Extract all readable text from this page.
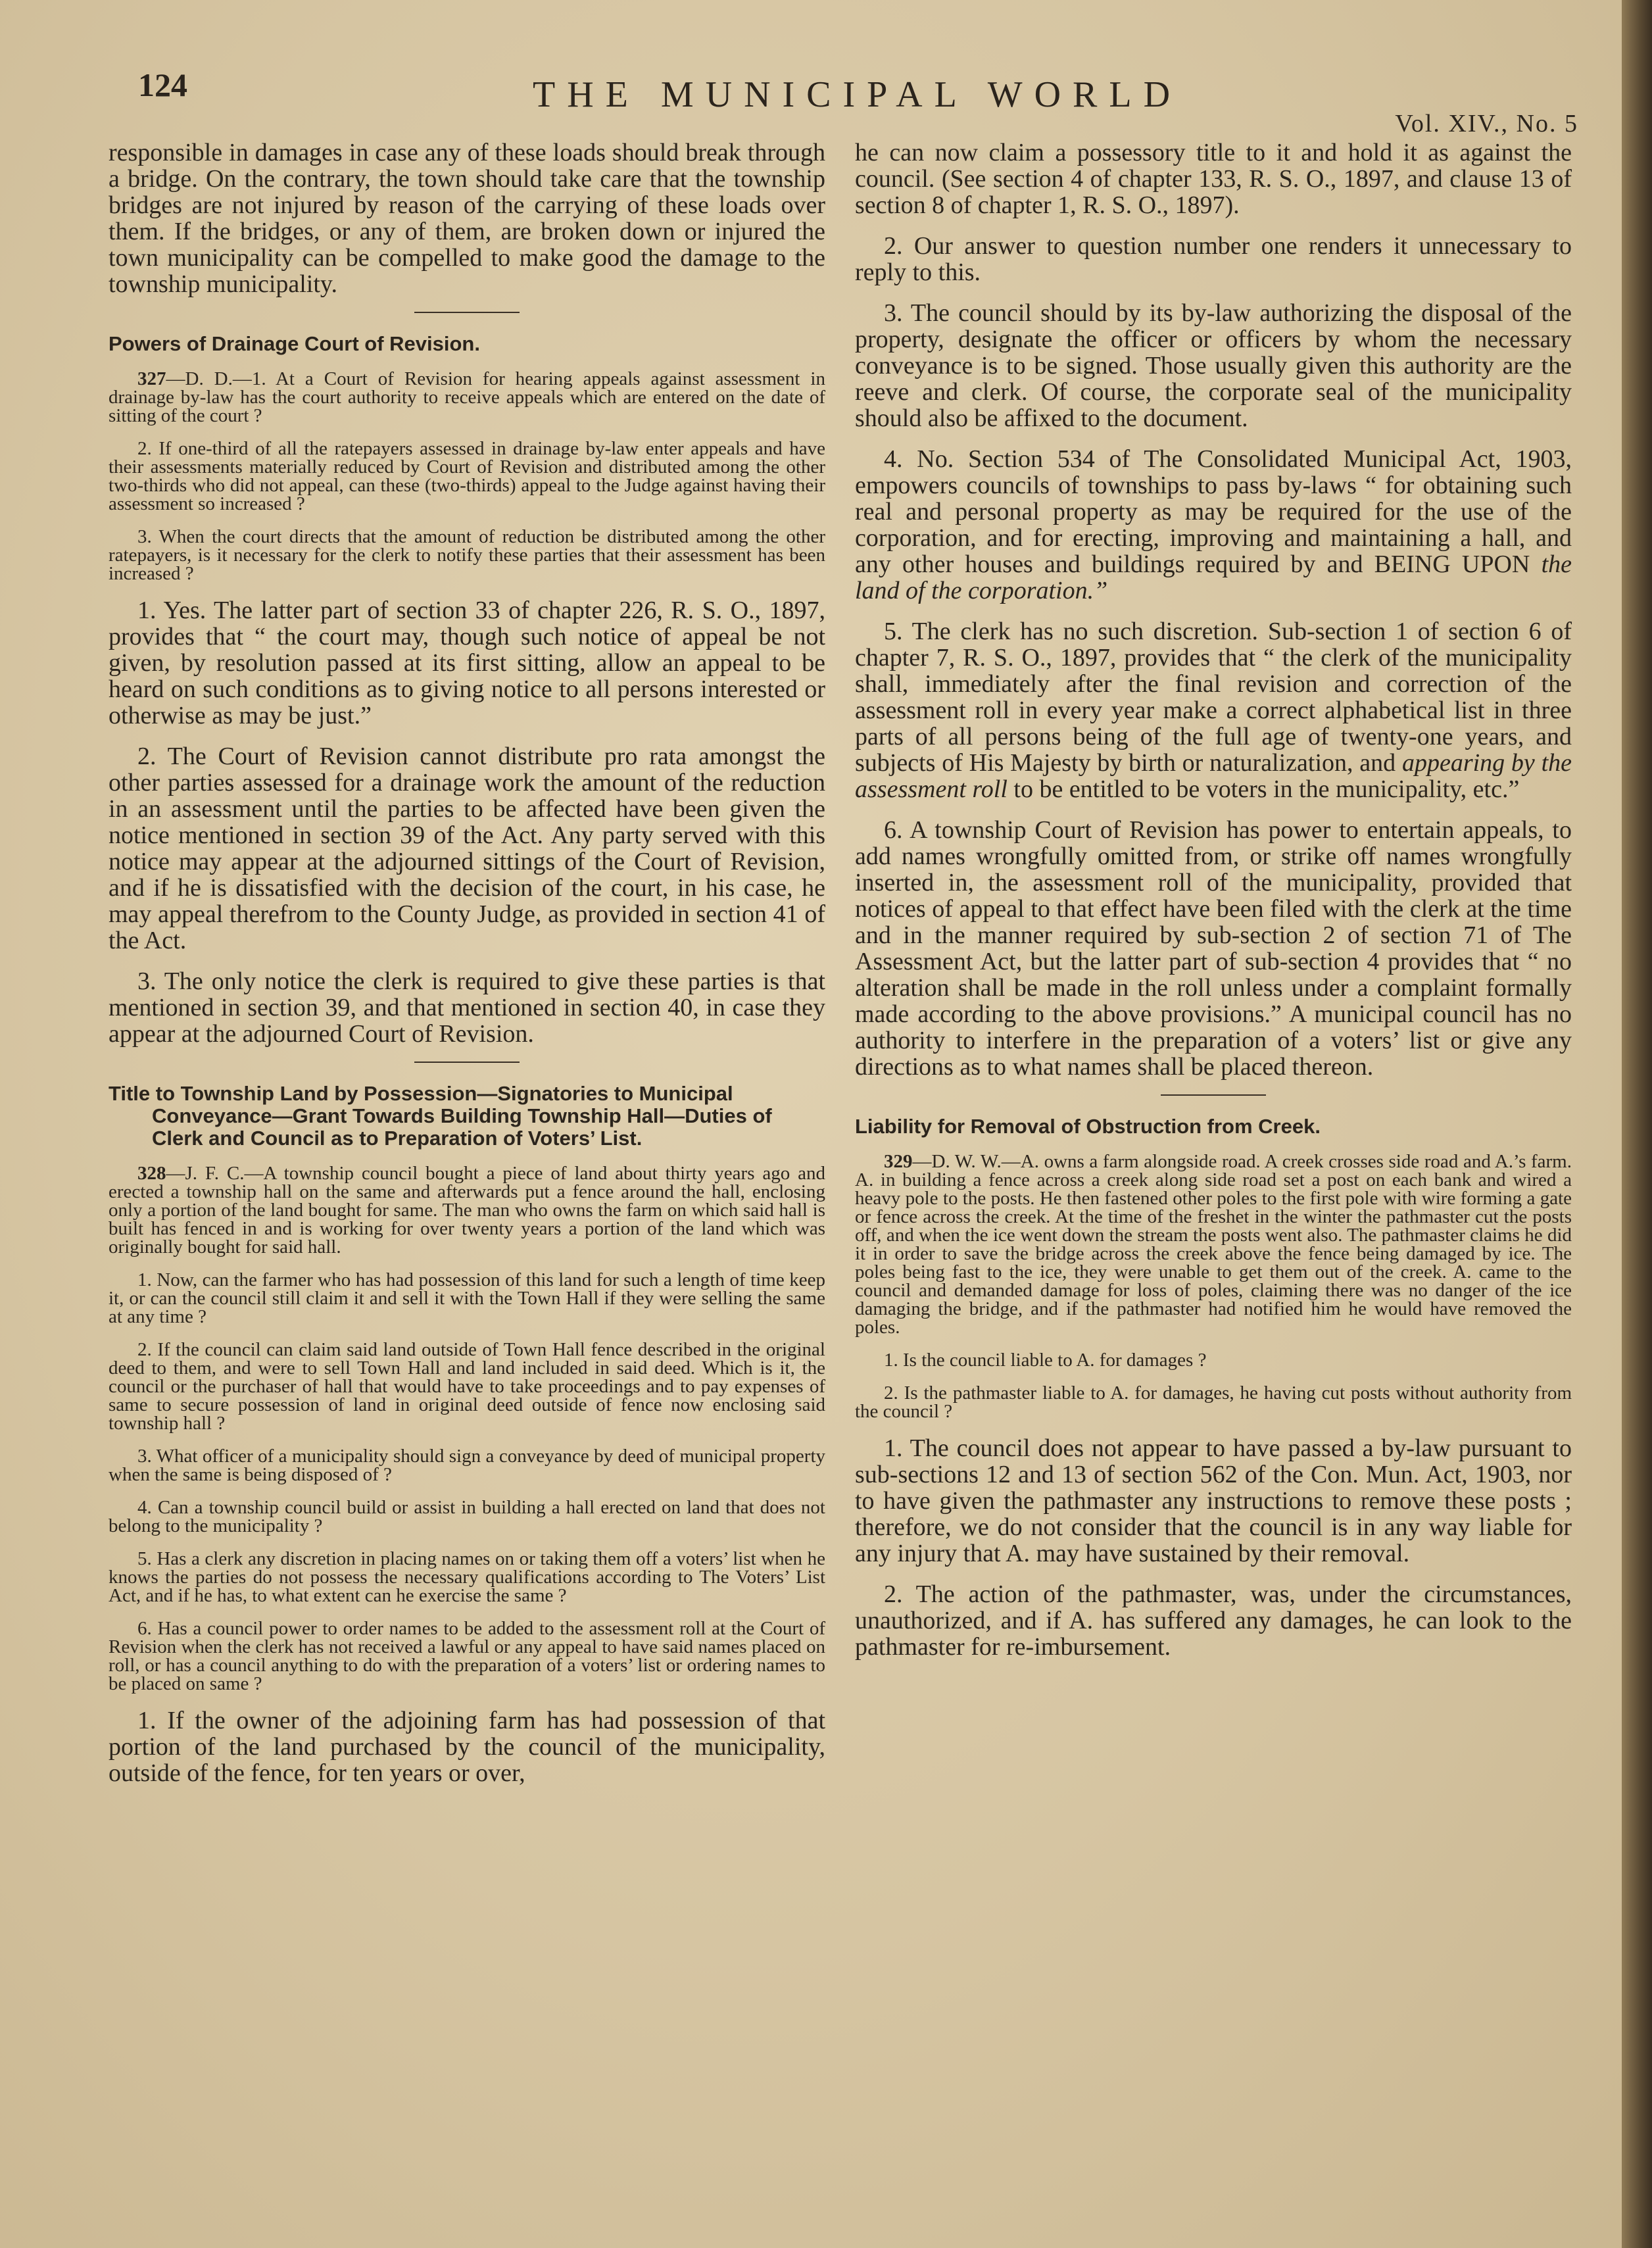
124	THE MUNICIPAL WORLD
Vol. XIV., No. 5

responsible in damages in case any of these loads should break through a bridge. On the contrary, the town should take care that the township bridges are not injured by reason of the carrying of these loads over them. If the bridges, or any of them, are broken down or injured the town municipality can be compelled to make good the damage to the township municipality.

Powers of Drainage Court of Revision.

327—D. D.—1. At a Court of Revision for hearing appeals against assessment in drainage by-law has the court authority to receive appeals which are entered on the date of sitting of the court ?

2. If one-third of all the ratepayers assessed in drainage by-law enter appeals and have their assessments materially reduced by Court of Revision and distributed among the other two-thirds who did not appeal, can these (two-thirds) appeal to the Judge against having their assessment so increased ?

3. When the court directs that the amount of reduction be distributed among the other ratepayers, is it necessary for the clerk to notify these parties that their assessment has been increased ?

1. Yes. The latter part of section 33 of chapter 226, R. S. O., 1897, provides that “ the court may, though such notice of appeal be not given, by resolution passed at its first sitting, allow an appeal to be heard on such conditions as to giving notice to all persons interested or otherwise as may be just.”

2. The Court of Revision cannot distribute pro rata amongst the other parties assessed for a drainage work the amount of the reduction in an assessment until the parties to be affected have been given the notice mentioned in section 39 of the Act. Any party served with this notice may appear at the adjourned sittings of the Court of Revision, and if he is dissatisfied with the decision of the court, in his case, he may appeal therefrom to the County Judge, as provided in section 41 of the Act.

3. The only notice the clerk is required to give these parties is that mentioned in section 39, and that mentioned in section 40, in case they appear at the adjourned Court of Revision.

Title to Township Land by Possession—Signatories to Municipal Conveyance—Grant Towards Building Township Hall—Duties of Clerk and Council as to Preparation of Voters’ List.

328—J. F. C.—A township council bought a piece of land about thirty years ago and erected a township hall on the same and afterwards put a fence around the hall, enclosing only a portion of the land bought for same. The man who owns the farm on which said hall is built has fenced in and is working for over twenty years a portion of the land which was originally bought for said hall.

1. Now, can the farmer who has had possession of this land for such a length of time keep it, or can the council still claim it and sell it with the Town Hall if they were selling the same at any time ?

2. If the council can claim said land outside of Town Hall fence described in the original deed to them, and were to sell Town Hall and land included in said deed. Which is it, the council or the purchaser of hall that would have to take proceedings and to pay expenses of same to secure possession of land in original deed outside of fence now enclosing said township hall ?

3. What officer of a municipality should sign a conveyance by deed of municipal property when the same is being disposed of ?

4. Can a township council build or assist in building a hall erected on land that does not belong to the municipality ?

5. Has a clerk any discretion in placing names on or taking them off a voters’ list when he knows the parties do not possess the necessary qualifications according to The Voters’ List Act, and if he has, to what extent can he exercise the same ?

6. Has a council power to order names to be added to the assessment roll at the Court of Revision when the clerk has not received a lawful or any appeal to have said names placed on roll, or has a council anything to do with the preparation of a voters’ list or ordering names to be placed on same ?

1. If the owner of the adjoining farm has had possession of that portion of the land purchased by the council of the municipality, outside of the fence, for ten years or over,

he can now claim a possessory title to it and hold it as against the council. (See section 4 of chapter 133, R. S. O., 1897, and clause 13 of section 8 of chapter 1, R. S. O., 1897).

2. Our answer to question number one renders it unnecessary to reply to this.

3. The council should by its by-law authorizing the disposal of the property, designate the officer or officers by whom the necessary conveyance is to be signed. Those usually given this authority are the reeve and clerk. Of course, the corporate seal of the municipality should also be affixed to the document.

4. No. Section 534 of The Consolidated Municipal Act, 1903, empowers councils of townships to pass by-laws “ for obtaining such real and personal property as may be required for the use of the corporation, and for erecting, improving and maintaining a hall, and any other houses and buildings required by and BEING UPON the land of the corporation.”

5. The clerk has no such discretion. Sub-section 1 of section 6 of chapter 7, R. S. O., 1897, provides that “ the clerk of the municipality shall, immediately after the final revision and correction of the assessment roll in every year make a correct alphabetical list in three parts of all persons being of the full age of twenty-one years, and subjects of His Majesty by birth or naturalization, and appearing by the assessment roll to be entitled to be voters in the municipality, etc.”

6. A township Court of Revision has power to entertain appeals, to add names wrongfully omitted from, or strike off names wrongfully inserted in, the assessment roll of the municipality, provided that notices of appeal to that effect have been filed with the clerk at the time and in the manner required by sub-section 2 of section 71 of The Assessment Act, but the latter part of sub-section 4 provides that “ no alteration shall be made in the roll unless under a complaint formally made according to the above provisions.” A municipal council has no authority to interfere in the preparation of a voters’ list or give any directions as to what names shall be placed thereon.

Liability for Removal of Obstruction from Creek.

329—D. W. W.—A. owns a farm alongside road. A creek crosses side road and A.’s farm. A. in building a fence across a creek along side road set a post on each bank and wired a heavy pole to the posts. He then fastened other poles to the first pole with wire forming a gate or fence across the creek. At the time of the freshet in the winter the pathmaster cut the posts off, and when the ice went down the stream the posts went also. The pathmaster claims he did it in order to save the bridge across the creek above the fence being damaged by ice. The poles being fast to the ice, they were unable to get them out of the creek. A. came to the council and demanded damage for loss of poles, claiming there was no danger of the ice damaging the bridge, and if the pathmaster had notified him he would have removed the poles.

1. Is the council liable to A. for damages ?

2. Is the pathmaster liable to A. for damages, he having cut posts without authority from the council ?

1. The council does not appear to have passed a by-law pursuant to sub-sections 12 and 13 of section 562 of the Con. Mun. Act, 1903, nor to have given the pathmaster any instructions to remove these posts ; therefore, we do not consider that the council is in any way liable for any injury that A. may have sustained by their removal.

2. The action of the pathmaster, was, under the circumstances, unauthorized, and if A. has suffered any damages, he can look to the pathmaster for re-imbursement.
